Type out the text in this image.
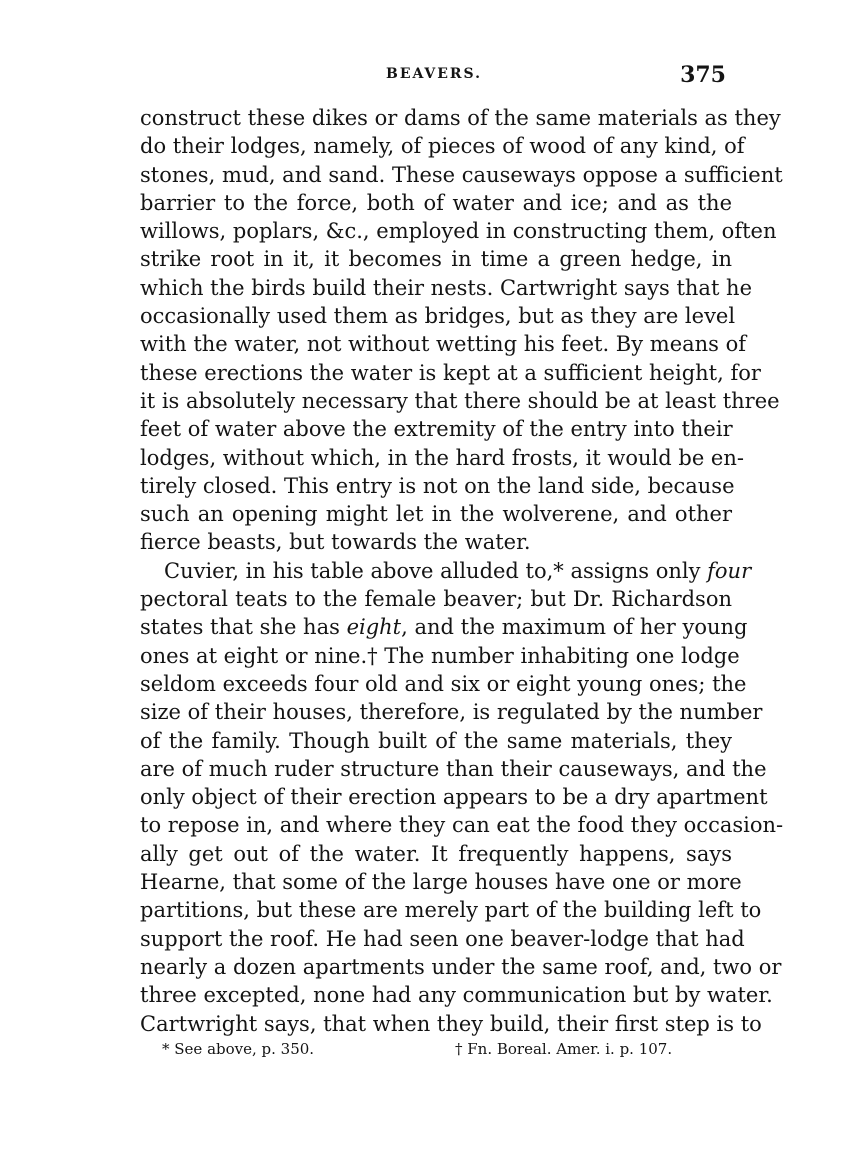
BEAVERS.	375
construct these dikes or dams of the same materials as they
do their lodges, namely, of pieces of wood of any kind, of
stones, mud, and sand. These causeways oppose a sufficient
barrier to the force, both of water and ice; and as the
willows, poplars, &c., employed in constructing them, often
strike root in it, it becomes in time a green hedge, in
which the birds build their nests. Cartwright says that he
occasionally used them as bridges, but as they are level
with the water, not without wetting his feet. By means of
these erections the water is kept at a sufficient height, for
it is absolutely necessary that there should be at least three
feet of water above the extremity of the entry into their
lodges, without which, in the hard frosts, it would be en-
tirely closed. This entry is not on the land side, because
such an opening might let in the wolverene, and other
fierce beasts, but towards the water.
Cuvier, in his table above alluded to,* assigns only four
pectoral teats to the female beaver; but Dr. Richardson
states that she has eight, and the maximum of her young
ones at eight or nine.† The number inhabiting one lodge
seldom exceeds four old and six or eight young ones; the
size of their houses, therefore, is regulated by the number
of the family. Though built of the same materials, they
are of much ruder structure than their causeways, and the
only object of their erection appears to be a dry apartment
to repose in, and where they can eat the food they occasion-
ally get out of the water. It frequently happens, says
Hearne, that some of the large houses have one or more
partitions, but these are merely part of the building left to
support the roof. He had seen one beaver-lodge that had
nearly a dozen apartments under the same roof, and, two or
three excepted, none had any communication but by water.
Cartwright says, that when they build, their first step is to
* See above, p. 350.	† Fn. Boreal. Amer. i. p. 107.
